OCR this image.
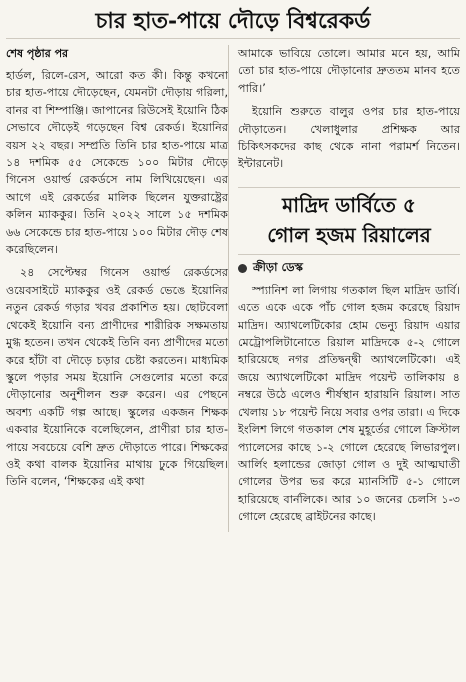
চার হাত-পায়ে দৌড়ে বিশ্বরেকর্ড

শেষ পৃষ্ঠার পর

হার্ডল, রিলে-রেস, আরো কত কী। কিন্তু কখনো চার হাত-পায়ে দৌড়েছেন, যেমনটা দৌড়ায় গরিলা, বানর বা শিম্পাঞ্জি। জাপানের রিউসেই ইয়োনি ঠিক সেভাবে দৌড়েই গড়েছেন বিশ্ব রেকর্ড। ইয়োনির বয়স ২২ বছর। সম্প্রতি তিনি চার হাত-পায়ে মাত্র ১৪ দশমিক ৫৫ সেকেন্ডে ১০০ মিটার দৌড়ে গিনেস ওয়ার্ল্ড রেকর্ডসে নাম লিখিয়েছেন। এর আগে এই রেকর্ডের মালিক ছিলেন যুক্তরাষ্ট্রের কলিন ম্যাককুর। তিনি ২০২২ সালে ১৫ দশমিক ৬৬ সেকেন্ডে চার হাত-পায়ে ১০০ মিটার দৌড় শেষ করেছিলেন।

২৪ সেপ্টেম্বর গিনেস ওয়ার্ল্ড রেকর্ডসের ওয়েবসাইটে ম্যাককুর ওই রেকর্ড ভেঙে ইয়োনির নতুন রেকর্ড গড়ার খবর প্রকাশিত হয়। ছোটবেলা থেকেই ইয়োনি বন্য প্রাণীদের শারীরিক সক্ষমতায় মুগ্ধ হতেন। তখন থেকেই তিনি বন্য প্রাণীদের মতো করে হাঁটা বা দৌড়ে চড়ার চেষ্টা করতেন। মাধ্যমিক স্কুলে পড়ার সময় ইয়োনি সেগুলোর মতো করে দৌড়ানোর অনুশীলন শুরু করেন। এর পেছনে অবশ্য একটি গল্প আছে। স্কুলের একজন শিক্ষক একবার ইয়োনিকে বলেছিলেন, প্রাণীরা চার হাত-পায়ে সবচেয়ে বেশি দ্রুত দৌড়াতে পারে। শিক্ষকের ওই কথা বালক ইয়োনির মাথায় ঢুকে গিয়েছিল। তিনি বলেন, ‘শিক্ষকের এই কথা

আমাকে ভাবিয়ে তোলে। আমার মনে হয়, আমি তো চার হাত-পায়ে দৌড়ানোর দ্রুততম মানব হতে পারি।’

ইয়োনি শুরুতে বালুর ওপর চার হাত-পায়ে দৌড়াতেন। খেলাধুলার প্রশিক্ষক আর চিকিৎসকদের কাছ থেকে নানা পরামর্শ নিতেন। ইন্টারনেট।

মাদ্রিদ ডার্বিতে ৫
গোল হজম রিয়ালের
ক্রীড়া ডেস্ক

স্প্যানিশ লা লিগায় গতকাল ছিল মাদ্রিদ ডার্বি। এতে একে একে পাঁচ গোল হজম করেছে রিয়াদ মাদ্রিদ। অ্যাথলেটিকোর হোম ভেন্যু রিয়াদ এয়ার মেট্রোপলিটানোতে রিয়াল মাদ্রিদকে ৫-২ গোলে হারিয়েছে নগর প্রতিদ্বন্দ্বী অ্যাথলেটিকো। এই জয়ে অ্যাথলেটিকো মাদ্রিদ পয়েন্ট তালিকায় ৪ নম্বরে উঠে এলেও শীর্ষস্থান হারায়নি রিয়াল। সাত খেলায় ১৮ পয়েন্ট নিয়ে সবার ওপর তারা। এ দিকে ইংলিশ লিগে গতকাল শেষ মুহূর্তের গোলে ক্রিস্টাল প্যালেসের কাছে ১-২ গোলে হেরেছে লিভারপুল। আর্লিং হলান্ডের জোড়া গোল ও দুই আত্মঘাতী গোলের উপর ভর করে ম্যানসিটি ৫-১ গোলে হারিয়েছে বার্নলিকে। আর ১০ জনের চেলসি ১-৩ গোলে হেরেছে ব্রাইটনের কাছে।
